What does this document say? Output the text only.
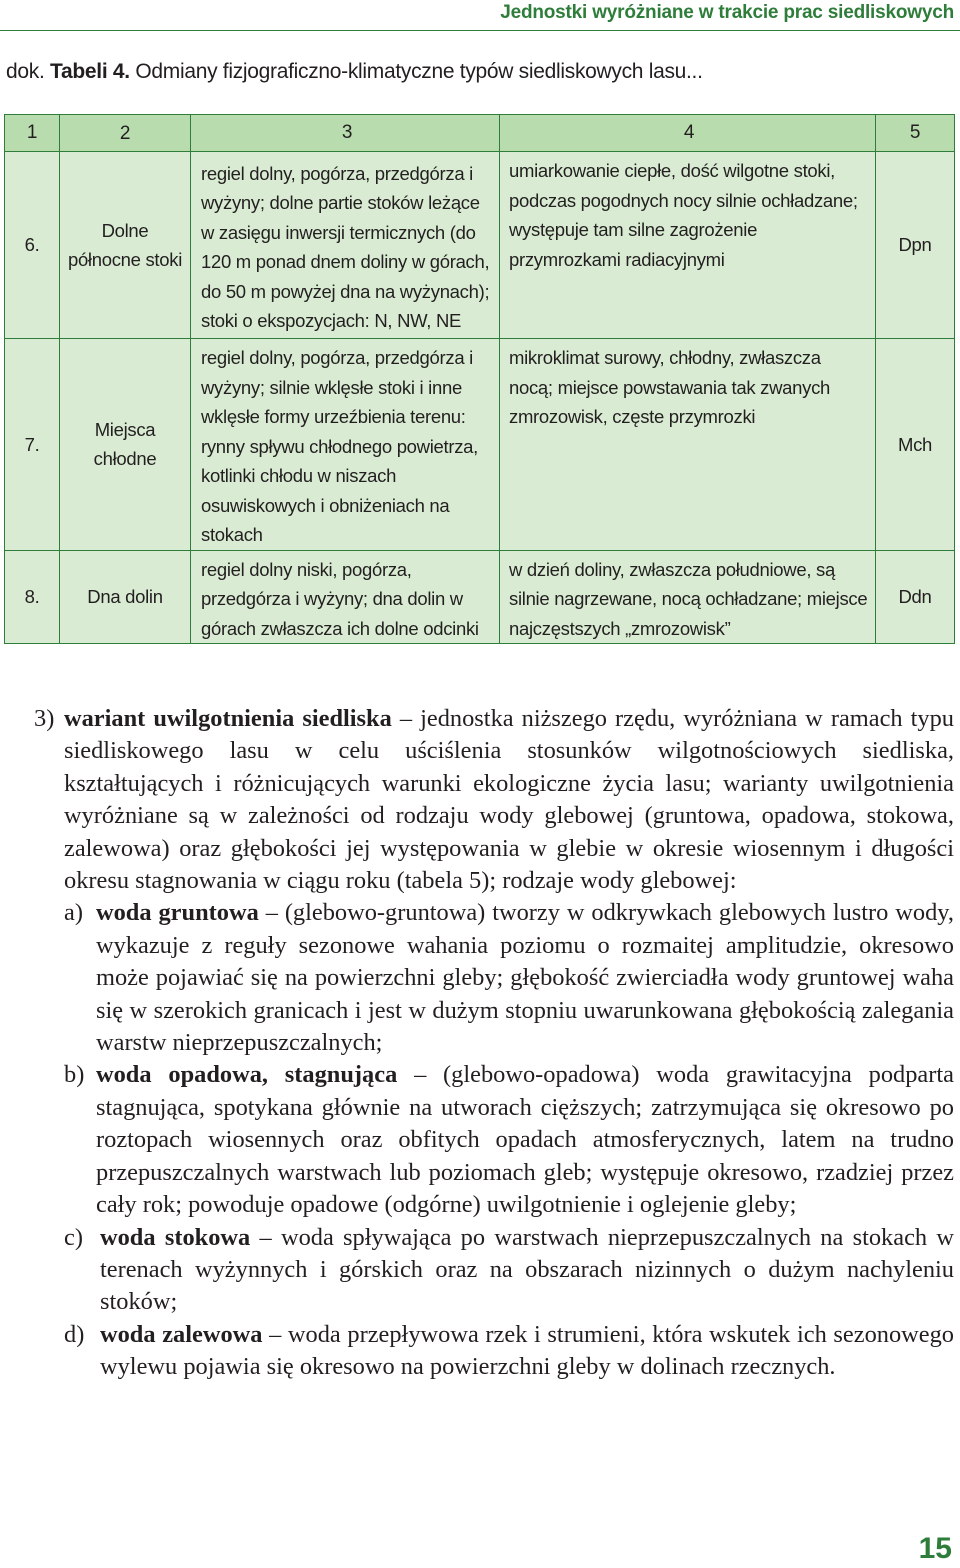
Jednostki wyróżniane w trakcie prac siedliskowych
dok. Tabeli 4. Odmiany fizjograficzno-klimatyczne typów siedliskowych lasu...
1	2	3	4	5
6.	Dolne północne stoki	regiel dolny, pogórza, przedgórza i wyżyny; dolne partie stoków leżące w zasięgu inwersji termicznych (do 120 m ponad dnem doliny w górach, do 50 m powyżej dna na wyżynach); stoki o ekspozycjach: N, NW, NE	umiarkowanie ciepłe, dość wilgotne stoki, podczas pogodnych nocy silnie ochładzane; występuje tam silne zagrożenie przymrozkami radiacyjnymi	Dpn
7.	Miejsca chłodne	regiel dolny, pogórza, przedgórza i wyżyny; silnie wklęsłe stoki i inne wklęsłe formy urzeźbienia terenu: rynny spływu chłodnego powietrza, kotlinki chłodu w niszach osuwiskowych i obniżeniach na stokach	mikroklimat surowy, chłodny, zwłaszcza nocą; miejsce powstawania tak zwanych zmrozowisk, częste przymrozki	Mch
8.	Dna dolin	regiel dolny niski, pogórza, przedgórza i wyżyny; dna dolin w górach zwłaszcza ich dolne odcinki	w dzień doliny, zwłaszcza południowe, są silnie nagrzewane, nocą ochładzane; miejsce najczęstszych „zmrozowisk”	Ddn
3) wariant uwilgotnienia siedliska – jednostka niższego rzędu, wyróżniana w ramach typu siedliskowego lasu w celu uściślenia stosunków wilgotnościowych siedliska, kształtujących i różnicujących warunki ekologiczne życia lasu; warianty uwilgotnienia wyróżniane są w zależności od rodzaju wody glebowej (gruntowa, opadowa, stokowa, zalewowa) oraz głębokości jej występowania w glebie w okresie wiosennym i długości okresu stagnowania w ciągu roku (tabela 5); rodzaje wody glebowej:
a) woda gruntowa – (glebowo-gruntowa) tworzy w odkrywkach glebowych lustro wody, wykazuje z reguły sezonowe wahania poziomu o rozmaitej amplitudzie, okresowo może pojawiać się na powierzchni gleby; głębokość zwierciadła wody gruntowej waha się w szerokich granicach i jest w dużym stopniu uwarunkowana głębokością zalegania warstw nieprzepuszczalnych;
b) woda opadowa, stagnująca – (glebowo-opadowa) woda grawitacyjna podparta stagnująca, spotykana głównie na utworach cięższych; zatrzymująca się okresowo po roztopach wiosennych oraz obfitych opadach atmosferycznych, latem na trudno przepuszczalnych warstwach lub poziomach gleb; występuje okresowo, rzadziej przez cały rok; powoduje opadowe (odgórne) uwilgotnienie i oglejenie gleby;
c) woda stokowa – woda spływająca po warstwach nieprzepuszczalnych na stokach w terenach wyżynnych i górskich oraz na obszarach nizinnych o dużym nachyleniu stoków;
d) woda zalewowa – woda przepływowa rzek i strumieni, która wskutek ich sezonowego wylewu pojawia się okresowo na powierzchni gleby w dolinach rzecznych.
15
